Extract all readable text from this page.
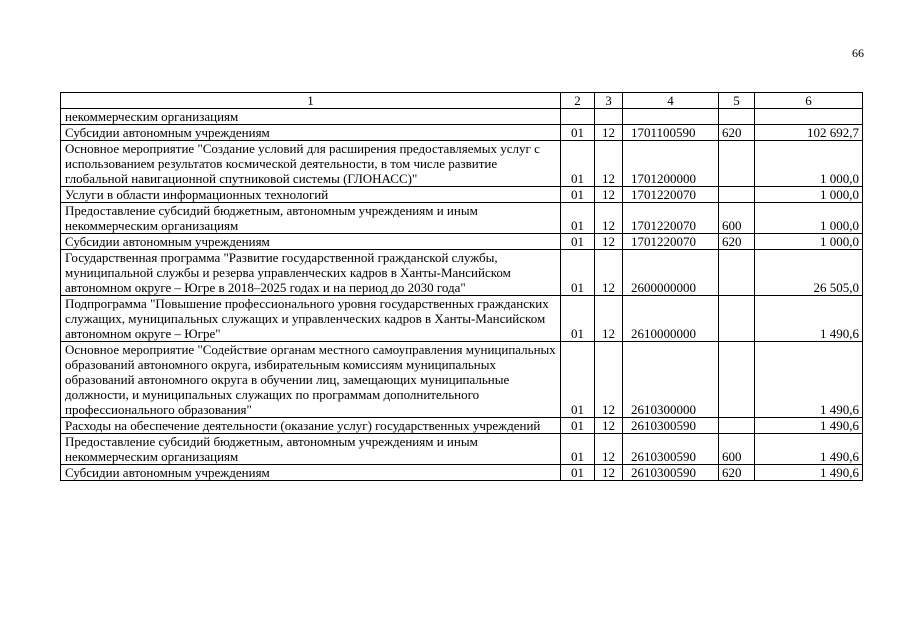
66
1	2	3	4	5	6
некоммерческим организациям					
Субсидии автономным учреждениям	01	12	1701100590	620	102 692,7
Основное мероприятие "Создание условий для расширения предоставляемых услуг с использованием результатов космической деятельности, в том числе развитие глобальной навигационной спутниковой системы (ГЛОНАСС)"	01	12	1701200000		1 000,0
Услуги в области информационных технологий	01	12	1701220070		1 000,0
Предоставление субсидий бюджетным, автономным учреждениям и иным некоммерческим организациям	01	12	1701220070	600	1 000,0
Субсидии автономным учреждениям	01	12	1701220070	620	1 000,0
Государственная программа "Развитие государственной гражданской службы, муниципальной службы и резерва управленческих кадров в Ханты-Мансийском автономном округе – Югре в 2018–2025 годах и на период до 2030 года"	01	12	2600000000		26 505,0
Подпрограмма "Повышение профессионального уровня государственных гражданских служащих, муниципальных служащих и управленческих кадров в Ханты-Мансийском автономном округе – Югре"	01	12	2610000000		1 490,6
Основное мероприятие "Содействие органам местного самоуправления муниципальных образований автономного округа, избирательным комиссиям муниципальных образований автономного округа в обучении лиц, замещающих муниципальные должности, и муниципальных служащих по программам дополнительного профессионального образования"	01	12	2610300000		1 490,6
Расходы на обеспечение деятельности (оказание услуг) государственных учреждений	01	12	2610300590		1 490,6
Предоставление субсидий бюджетным, автономным учреждениям и иным некоммерческим организациям	01	12	2610300590	600	1 490,6
Субсидии автономным учреждениям	01	12	2610300590	620	1 490,6
